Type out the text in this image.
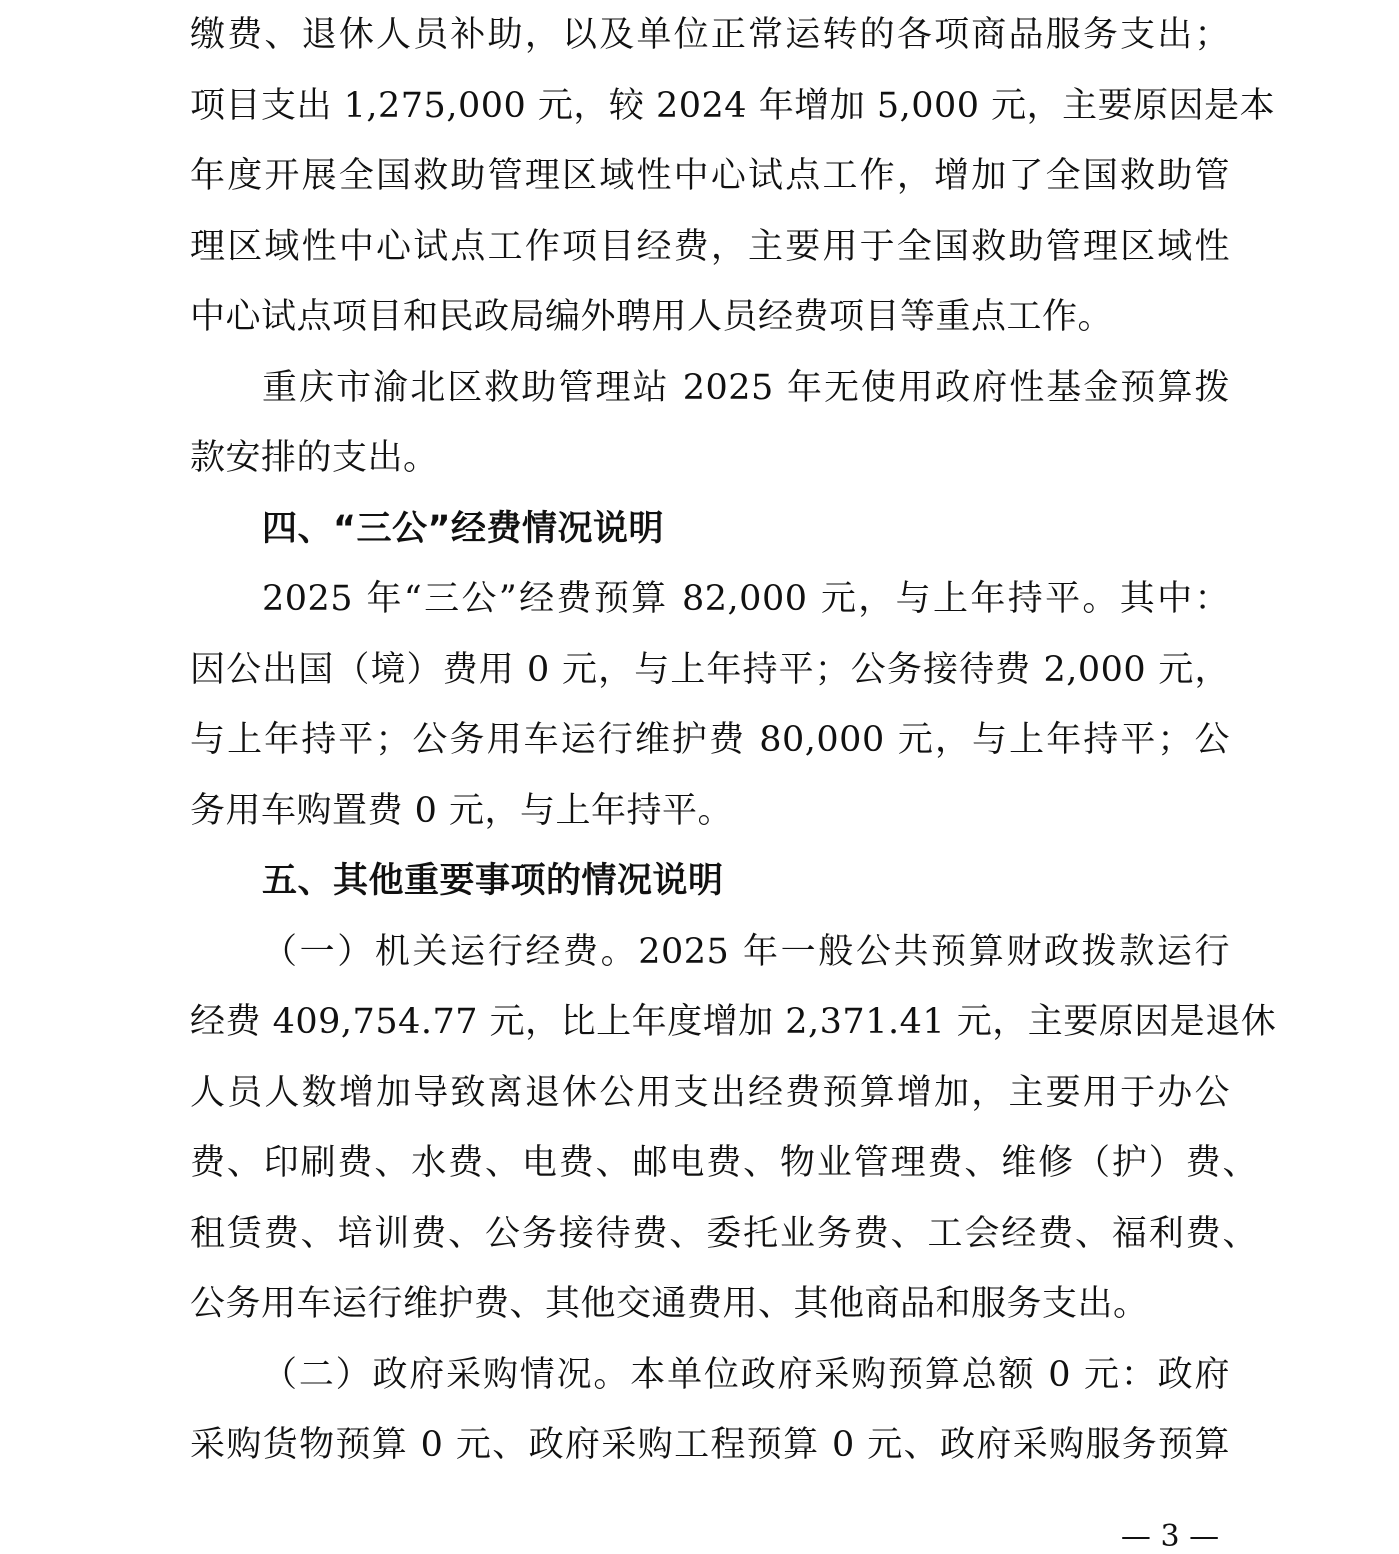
缴费、退休人员补助，以及单位正常运转的各项商品服务支出；
项目支出 1,275,000 元，较 2024 年增加 5,000 元，主要原因是本
年度开展全国救助管理区域性中心试点工作，增加了全国救助管
理区域性中心试点工作项目经费，主要用于全国救助管理区域性
中心试点项目和民政局编外聘用人员经费项目等重点工作。
重庆市渝北区救助管理站 2025 年无使用政府性基金预算拨
款安排的支出。
四、“三公”经费情况说明
2025 年“三公”经费预算 82,000 元，与上年持平。其中：
因公出国（境）费用 0 元，与上年持平；公务接待费 2,000 元，
与上年持平；公务用车运行维护费 80,000 元，与上年持平；公
务用车购置费 0 元，与上年持平。
五、其他重要事项的情况说明
（一）机关运行经费。2025 年一般公共预算财政拨款运行
经费 409,754.77 元，比上年度增加 2,371.41 元，主要原因是退休
人员人数增加导致离退休公用支出经费预算增加，主要用于办公
费、印刷费、水费、电费、邮电费、物业管理费、维修（护）费、
租赁费、培训费、公务接待费、委托业务费、工会经费、福利费、
公务用车运行维护费、其他交通费用、其他商品和服务支出。
（二）政府采购情况。本单位政府采购预算总额 0 元：政府
采购货物预算 0 元、政府采购工程预算 0 元、政府采购服务预算
— 3 —
